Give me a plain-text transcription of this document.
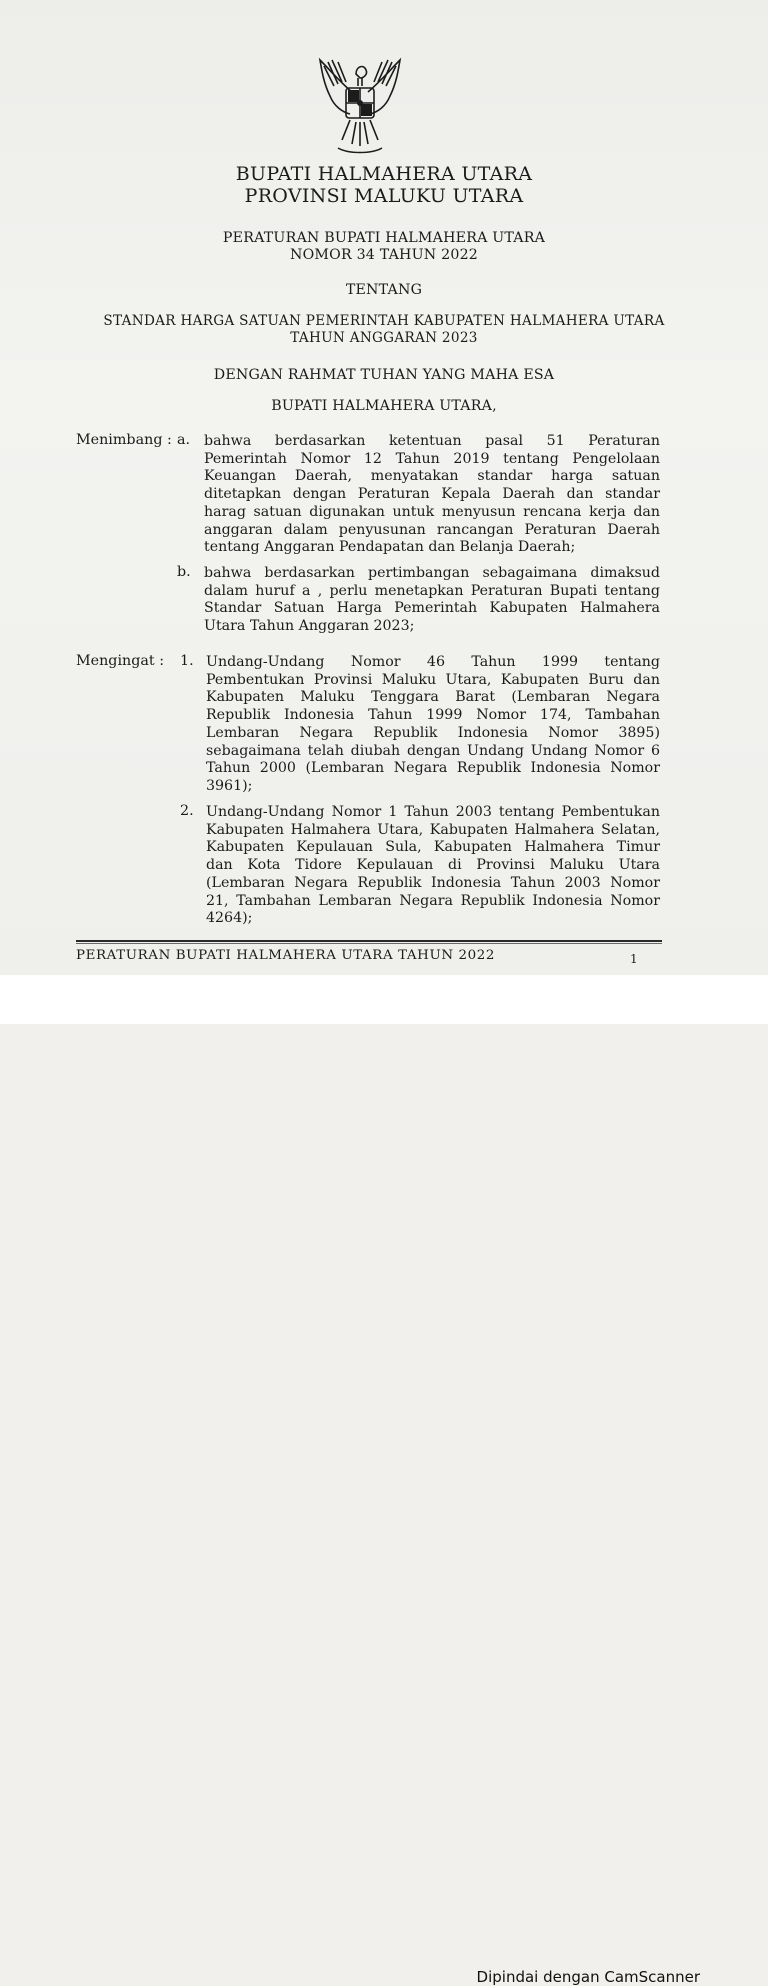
BUPATI HALMAHERA UTARA
PROVINSI MALUKU UTARA
PERATURAN BUPATI HALMAHERA UTARA
NOMOR 34 TAHUN 2022
TENTANG
STANDAR HARGA SATUAN PEMERINTAH KABUPATEN HALMAHERA UTARA
TAHUN ANGGARAN 2023
DENGAN RAHMAT TUHAN YANG MAHA ESA
BUPATI HALMAHERA UTARA,
Menimbang : a. bahwa berdasarkan ketentuan pasal 51 Peraturan
Pemerintah Nomor 12 Tahun 2019 tentang Pengelolaan
Keuangan Daerah, menyatakan standar harga satuan
ditetapkan dengan Peraturan Kepala Daerah dan standar
harag satuan digunakan untuk menyusun rencana kerja dan
anggaran dalam penyusunan rancangan Peraturan Daerah
tentang Anggaran Pendapatan dan Belanja Daerah;
b. bahwa berdasarkan pertimbangan sebagaimana dimaksud
dalam huruf a , perlu menetapkan Peraturan Bupati tentang
Standar Satuan Harga Pemerintah Kabupaten Halmahera
Utara Tahun Anggaran 2023;
Mengingat : 1. Undang-Undang Nomor 46 Tahun 1999 tentang
Pembentukan Provinsi Maluku Utara, Kabupaten Buru dan
Kabupaten Maluku Tenggara Barat (Lembaran Negara
Republik Indonesia Tahun 1999 Nomor 174, Tambahan
Lembaran Negara Republik Indonesia Nomor 3895)
sebagaimana telah diubah dengan Undang Undang Nomor 6
Tahun 2000 (Lembaran Negara Republik Indonesia Nomor
3961);
2. Undang-Undang Nomor 1 Tahun 2003 tentang Pembentukan
Kabupaten Halmahera Utara, Kabupaten Halmahera Selatan,
Kabupaten Kepulauan Sula, Kabupaten Halmahera Timur
dan Kota Tidore Kepulauan di Provinsi Maluku Utara
(Lembaran Negara Republik Indonesia Tahun 2003 Nomor
21, Tambahan Lembaran Negara Republik Indonesia Nomor
4264);
PERATURAN BUPATI HALMAHERA UTARA TAHUN 2022	1
Dipindai dengan CamScanner
